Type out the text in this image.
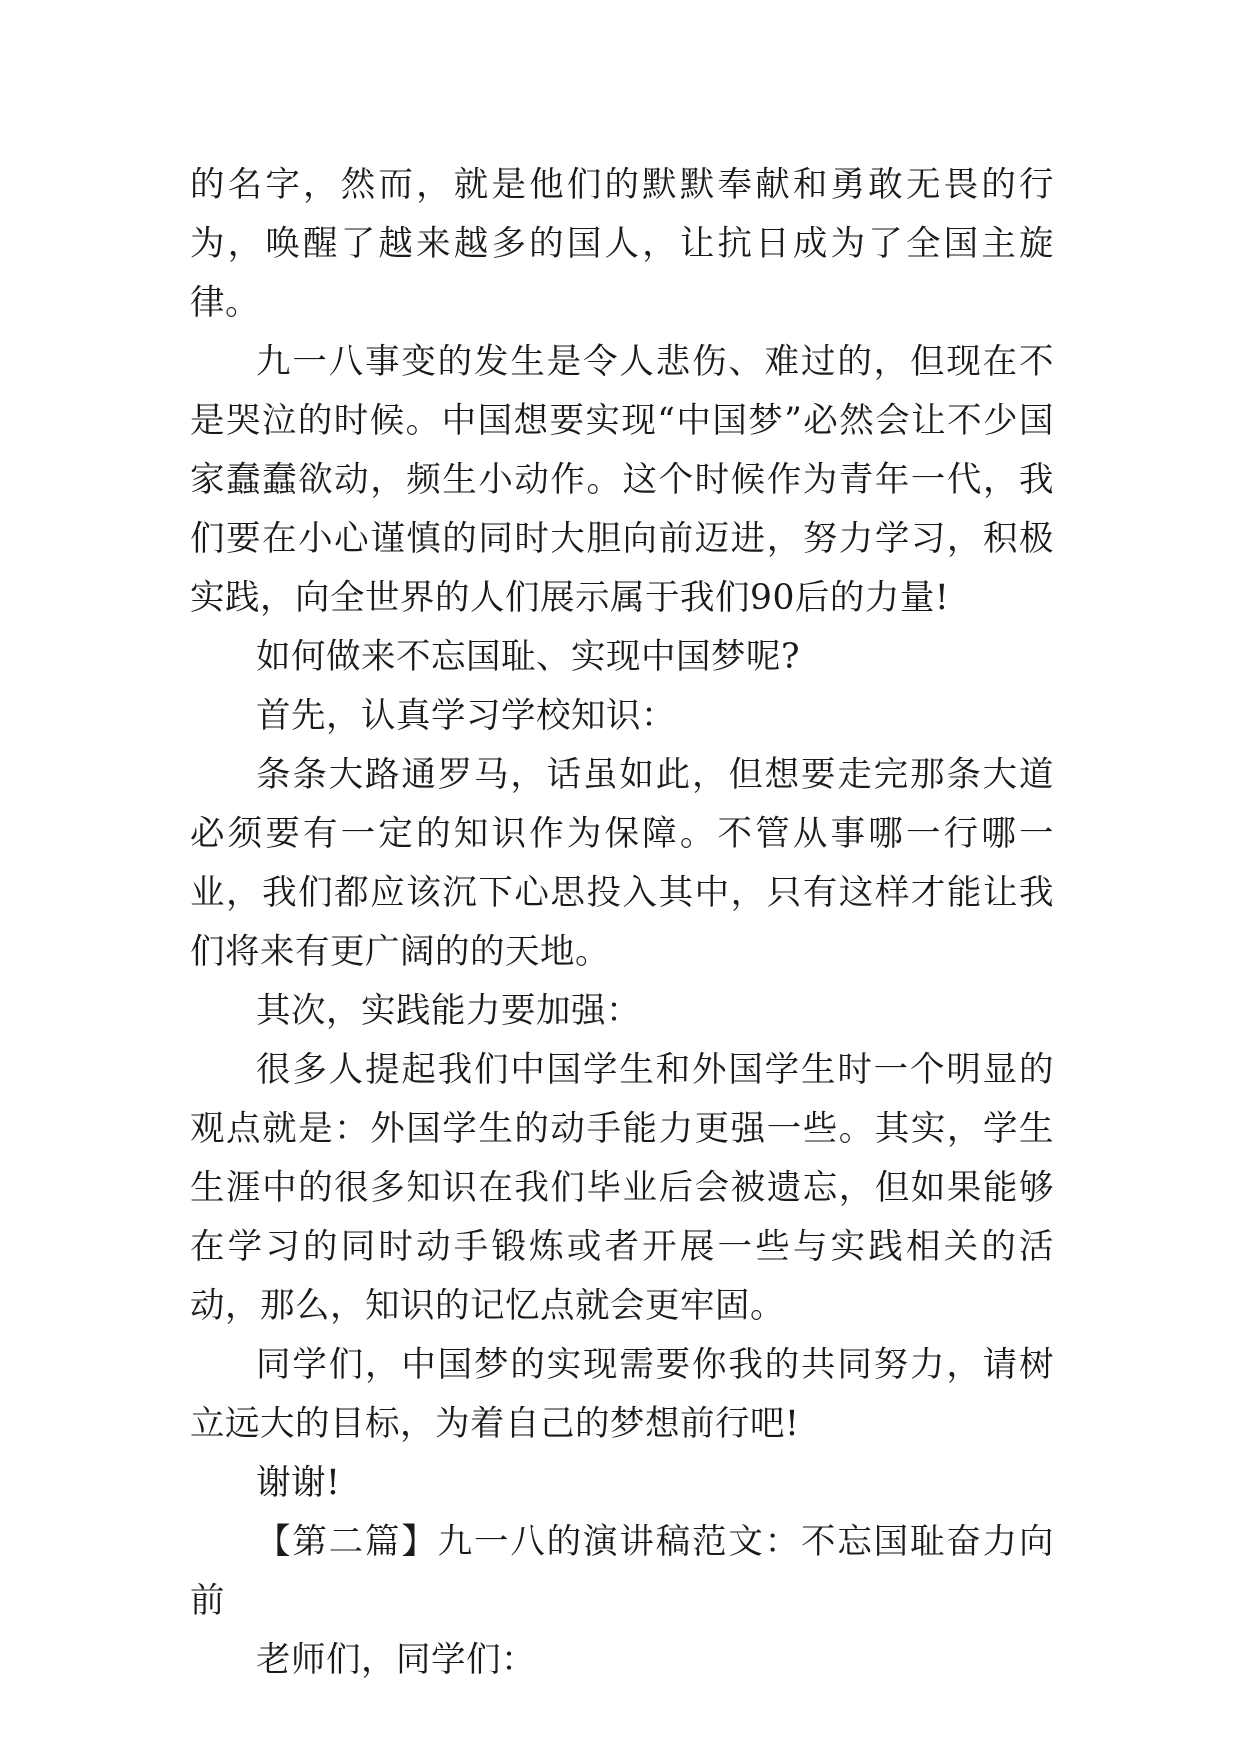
的名字，然而，就是他们的默默奉献和勇敢无畏的行为，唤醒了越来越多的国人，让抗日成为了全国主旋律。

九一八事变的发生是令人悲伤、难过的，但现在不是哭泣的时候。中国想要实现“中国梦”必然会让不少国家蠢蠢欲动，频生小动作。这个时候作为青年一代，我们要在小心谨慎的同时大胆向前迈进，努力学习，积极实践，向全世界的人们展示属于我们90后的力量!

如何做来不忘国耻、实现中国梦呢?

首先，认真学习学校知识：

条条大路通罗马，话虽如此，但想要走完那条大道必须要有一定的知识作为保障。不管从事哪一行哪一业，我们都应该沉下心思投入其中，只有这样才能让我们将来有更广阔的的天地。

其次，实践能力要加强：

很多人提起我们中国学生和外国学生时一个明显的观点就是：外国学生的动手能力更强一些。其实，学生生涯中的很多知识在我们毕业后会被遗忘，但如果能够在学习的同时动手锻炼或者开展一些与实践相关的活动，那么，知识的记忆点就会更牢固。

同学们，中国梦的实现需要你我的共同努力，请树立远大的目标，为着自己的梦想前行吧!

谢谢!

【第二篇】九一八的演讲稿范文：不忘国耻奋力向前

老师们，同学们：
